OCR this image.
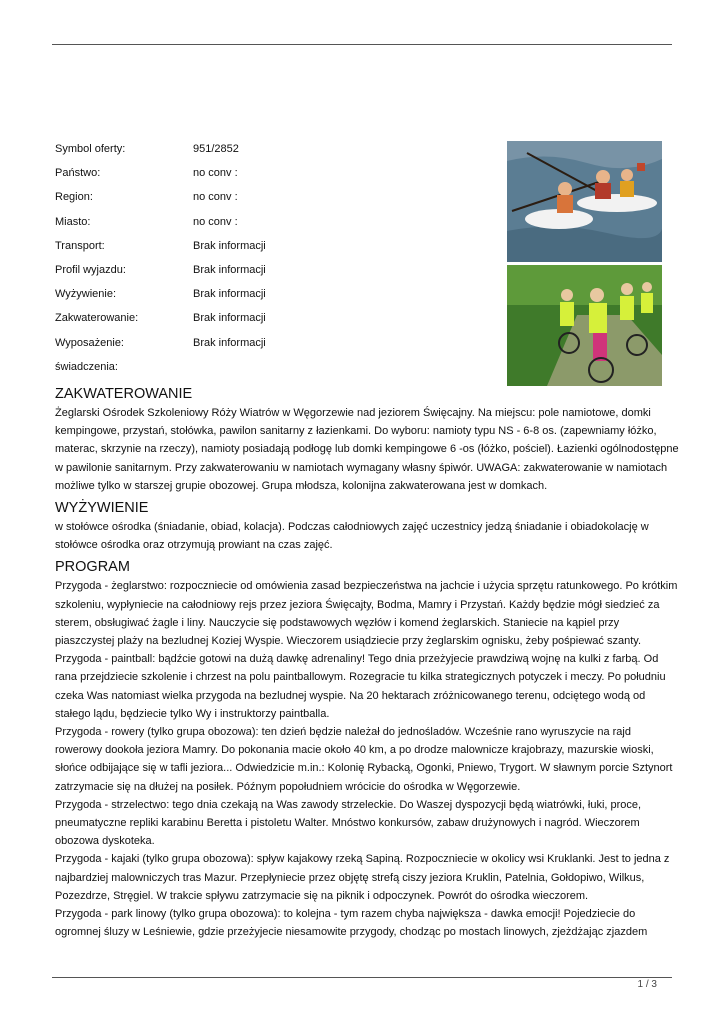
Symbol oferty:	951/2852
Państwo:	no conv :
Region:	no conv :
Miasto:	no conv :
Transport:	Brak informacji
Profil wyjazdu:	Brak informacji
Wyżywienie:	Brak informacji
Zakwaterowanie:	Brak informacji
Wyposażenie:	Brak informacji
świadczenia:
ZAKWATEROWANIE

Żeglarski Ośrodek Szkoleniowy Róży Wiatrów w Węgorzewie nad jeziorem Święcajny. Na miejscu: pole namiotowe, domki kempingowe, przystań, stołówka, pawilon sanitarny z łazienkami. Do wyboru: namioty typu NS - 6-8 os. (zapewniamy łóżko, materac, skrzynie na rzeczy), namioty posiadają podłogę lub domki kempingowe 6 -os (łóżko, pościel). Łazienki ogólnodostępne w pawilonie sanitarnym. Przy zakwaterowaniu w namiotach wymagany własny śpiwór. UWAGA: zakwaterowanie w namiotach możliwe tylko w starszej grupie obozowej. Grupa młodsza, kolonijna zakwaterowana jest w domkach.

WYŻYWIENIE

w stołówce ośrodka (śniadanie, obiad, kolacja). Podczas całodniowych zajęć uczestnicy jedzą śniadanie i obiadokolację w stołówce ośrodka oraz otrzymują prowiant na czas zajęć.

PROGRAM

Przygoda - żeglarstwo: rozpoczniecie od omówienia zasad bezpieczeństwa na jachcie i użycia sprzętu ratunkowego. Po krótkim szkoleniu, wypłyniecie na całodniowy rejs przez jeziora Święcajty, Bodma, Mamry i Przystań. Każdy będzie mógł siedzieć za sterem, obsługiwać żagle i liny. Nauczycie się podstawowych węzłów i komend żeglarskich. Staniecie na kąpiel przy piaszczystej plaży na bezludnej Koziej Wyspie. Wieczorem usiądziecie przy żeglarskim ognisku, żeby pośpiewać szanty.

Przygoda - paintball: bądźcie gotowi na dużą dawkę adrenaliny! Tego dnia przeżyjecie prawdziwą wojnę na kulki z farbą. Od rana przejdziecie szkolenie i chrzest na polu paintballowym. Rozegracie tu kilka strategicznych potyczek i meczy. Po południu czeka Was natomiast wielka przygoda na bezludnej wyspie. Na 20 hektarach zróżnicowanego terenu, odciętego wodą od stałego lądu, będziecie tylko Wy i instruktorzy paintballa.

Przygoda - rowery (tylko grupa obozowa): ten dzień będzie należał do jednośladów. Wcześnie rano wyruszycie na rajd rowerowy dookoła jeziora Mamry. Do pokonania macie około 40 km, a po drodze malownicze krajobrazy, mazurskie wioski, słońce odbijające się w tafli jeziora... Odwiedzicie m.in.: Kolonię Rybacką, Ogonki, Pniewo, Trygort. W sławnym porcie Sztynort zatrzymacie się na dłużej na posiłek. Późnym popołudniem wrócicie do ośrodka w Węgorzewie.

Przygoda - strzelectwo: tego dnia czekają na Was zawody strzeleckie. Do Waszej dyspozycji będą wiatrówki, łuki, proce, pneumatyczne repliki karabinu Beretta i pistoletu Walter. Mnóstwo konkursów, zabaw drużynowych i nagród. Wieczorem obozowa dyskoteka.

Przygoda - kajaki (tylko grupa obozowa): spływ kajakowy rzeką Sapiną. Rozpoczniecie w okolicy wsi Kruklanki. Jest to jedna z najbardziej malowniczych tras Mazur. Przepłyniecie przez objętę strefą ciszy jeziora Kruklin, Patelnia, Gołdopiwo, Wilkus, Pozezdrze, Stręgiel. W trakcie spływu zatrzymacie się na piknik i odpoczynek. Powrót do ośrodka wieczorem.

Przygoda - park linowy (tylko grupa obozowa): to kolejna - tym razem chyba największa - dawka emocji! Pojedziecie do ogromnej śluzy w Leśniewie, gdzie przeżyjecie niesamowite przygody, chodząc po mostach linowych, zjeżdżając zjazdem

1 / 3
